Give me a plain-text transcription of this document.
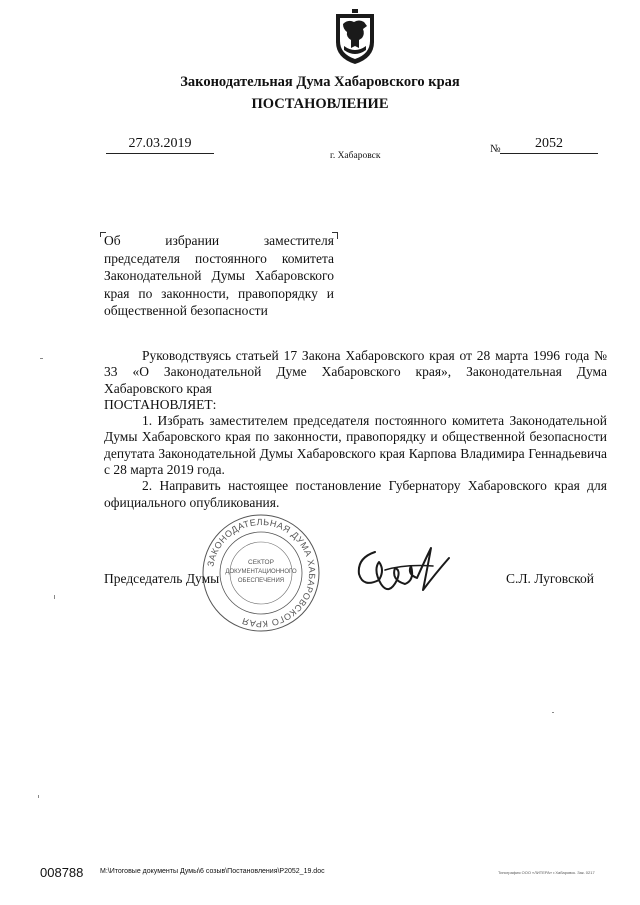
Законодательная Дума Хабаровского края
ПОСТАНОВЛЕНИЕ
27.03.2019
г. Хабаровск
№	2052
Об избрании заместителя
председателя постоянного комитета Законодательной Думы Хабаровского края по законности, правопорядку и общественной безопасности

Руководствуясь статьей 17 Закона Хабаровского края от 28 марта 1996 года № 33 «О Законодательной Думе Хабаровского края», Законодательная Дума Хабаровского края

ПОСТАНОВЛЯЕТ:

1. Избрать заместителем председателя постоянного комитета Законодательной Думы Хабаровского края по законности, правопорядку и общественной безопасности депутата Законодательной Думы Хабаровского края Карпова Владимира Геннадьевича с 28 марта 2019 года.

2. Направить настоящее постановление Губернатору Хабаровского края для официального опубликования.

ЗАКОНОДАТЕЛЬНАЯ ДУМА ХАБАРОВСКОГО КРАЯ
СЕКТОР
ДОКУМЕНТАЦИОННОГО
ОБЕСПЕЧЕНИЯ
Председатель Думы	С.Л. Луговской
008788 M:\Итоговые документы Думы\6 созыв\Постановления\P2052_19.doc	Типография ООО «ЛИТЕРА» г.Хабаровск. Зак. 0217
